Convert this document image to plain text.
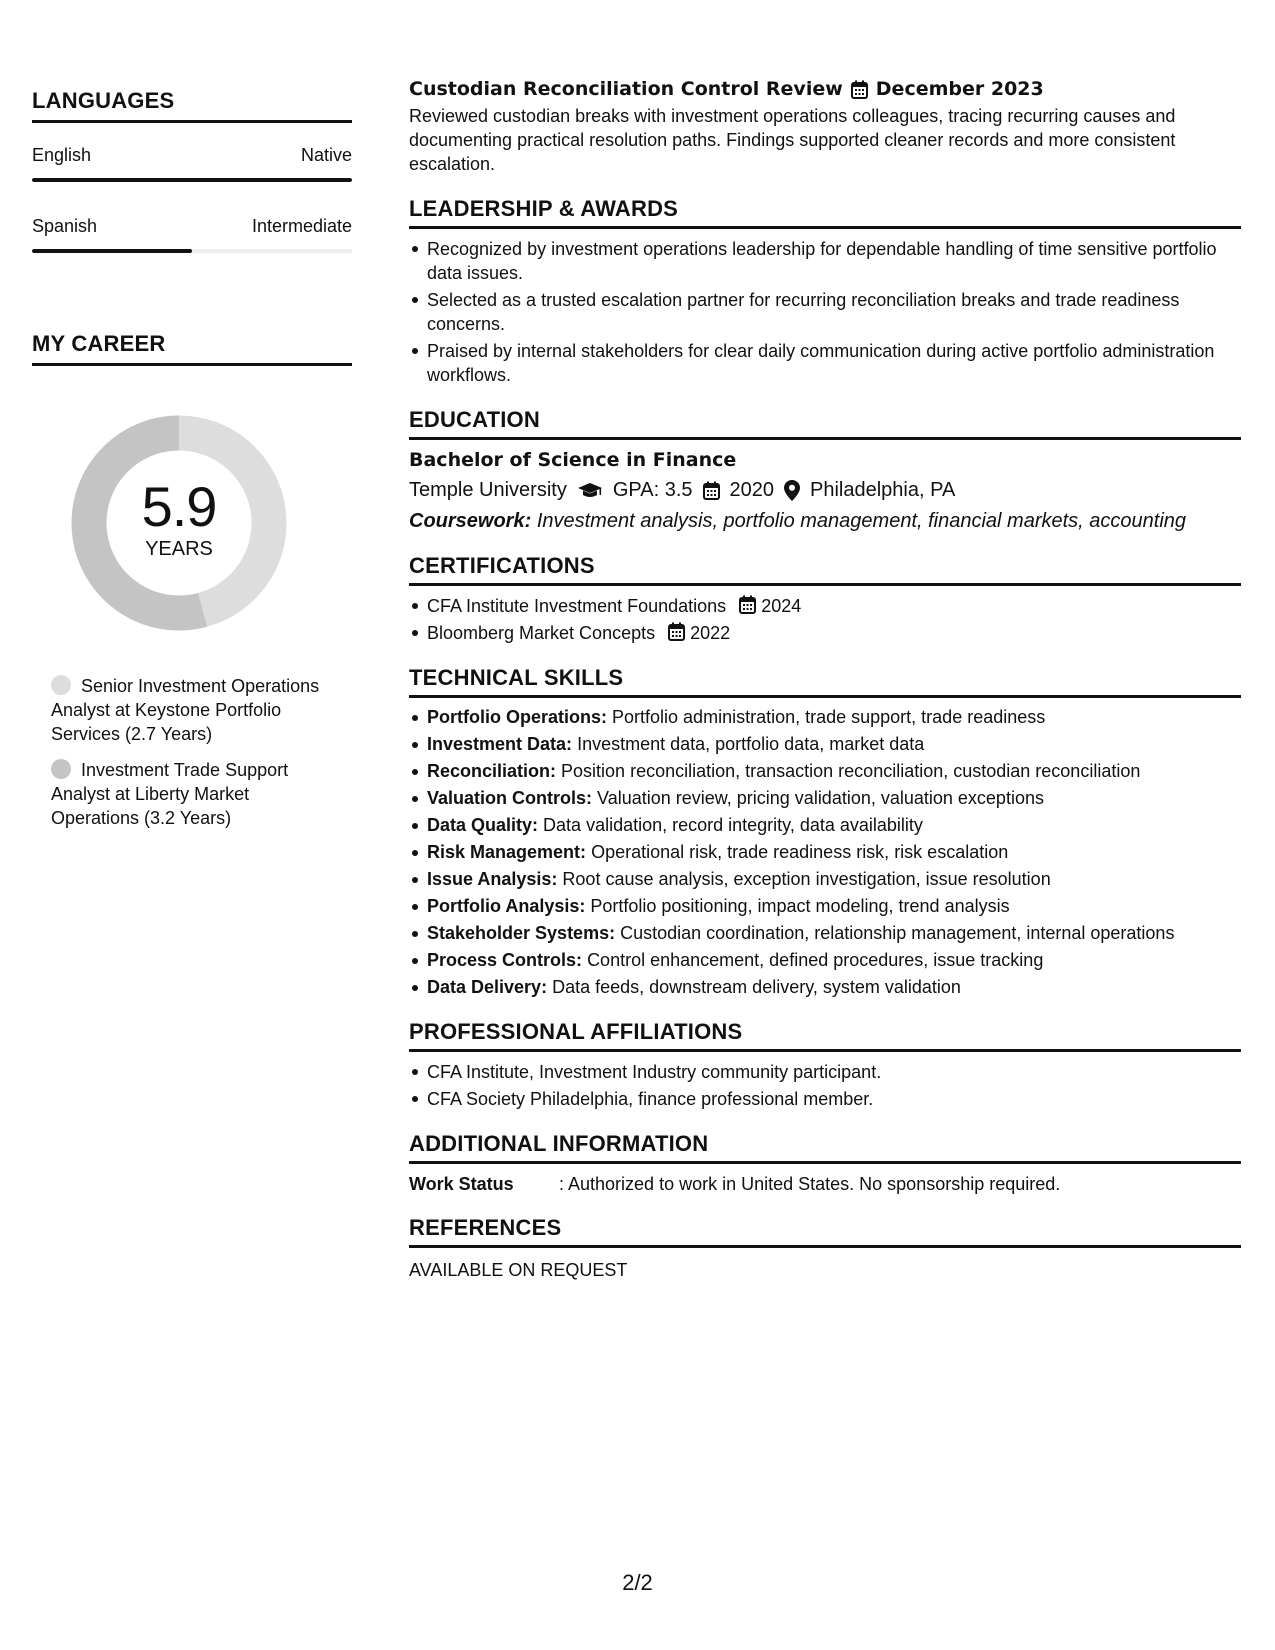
LANGUAGES
English	Native
Spanish	Intermediate
MY CAREER
5.9
YEARS
Senior Investment Operations Analyst at Keystone Portfolio Services (2.7 Years)
Investment Trade Support Analyst at Liberty Market Operations (3.2 Years)
Custodian Reconciliation Control Review December 2023
Reviewed custodian breaks with investment operations colleagues, tracing recurring causes and documenting practical resolution paths. Findings supported cleaner records and more consistent escalation.
LEADERSHIP & AWARDS
Recognized by investment operations leadership for dependable handling of time sensitive portfolio data issues.
Selected as a trusted escalation partner for recurring reconciliation breaks and trade readiness concerns.
Praised by internal stakeholders for clear daily communication during active portfolio administration workflows.
EDUCATION
Bachelor of Science in Finance
Temple University GPA: 3.5 2020 Philadelphia, PA
Coursework: Investment analysis, portfolio management, financial markets, accounting
CERTIFICATIONS
CFA Institute Investment Foundations 2024
Bloomberg Market Concepts 2022
TECHNICAL SKILLS
Portfolio Operations: Portfolio administration, trade support, trade readiness
Investment Data: Investment data, portfolio data, market data
Reconciliation: Position reconciliation, transaction reconciliation, custodian reconciliation
Valuation Controls: Valuation review, pricing validation, valuation exceptions
Data Quality: Data validation, record integrity, data availability
Risk Management: Operational risk, trade readiness risk, risk escalation
Issue Analysis: Root cause analysis, exception investigation, issue resolution
Portfolio Analysis: Portfolio positioning, impact modeling, trend analysis
Stakeholder Systems: Custodian coordination, relationship management, internal operations
Process Controls: Control enhancement, defined procedures, issue tracking
Data Delivery: Data feeds, downstream delivery, system validation
PROFESSIONAL AFFILIATIONS
CFA Institute, Investment Industry community participant.
CFA Society Philadelphia, finance professional member.
ADDITIONAL INFORMATION
Work Status	: Authorized to work in United States. No sponsorship required.
REFERENCES
AVAILABLE ON REQUEST
2/2
